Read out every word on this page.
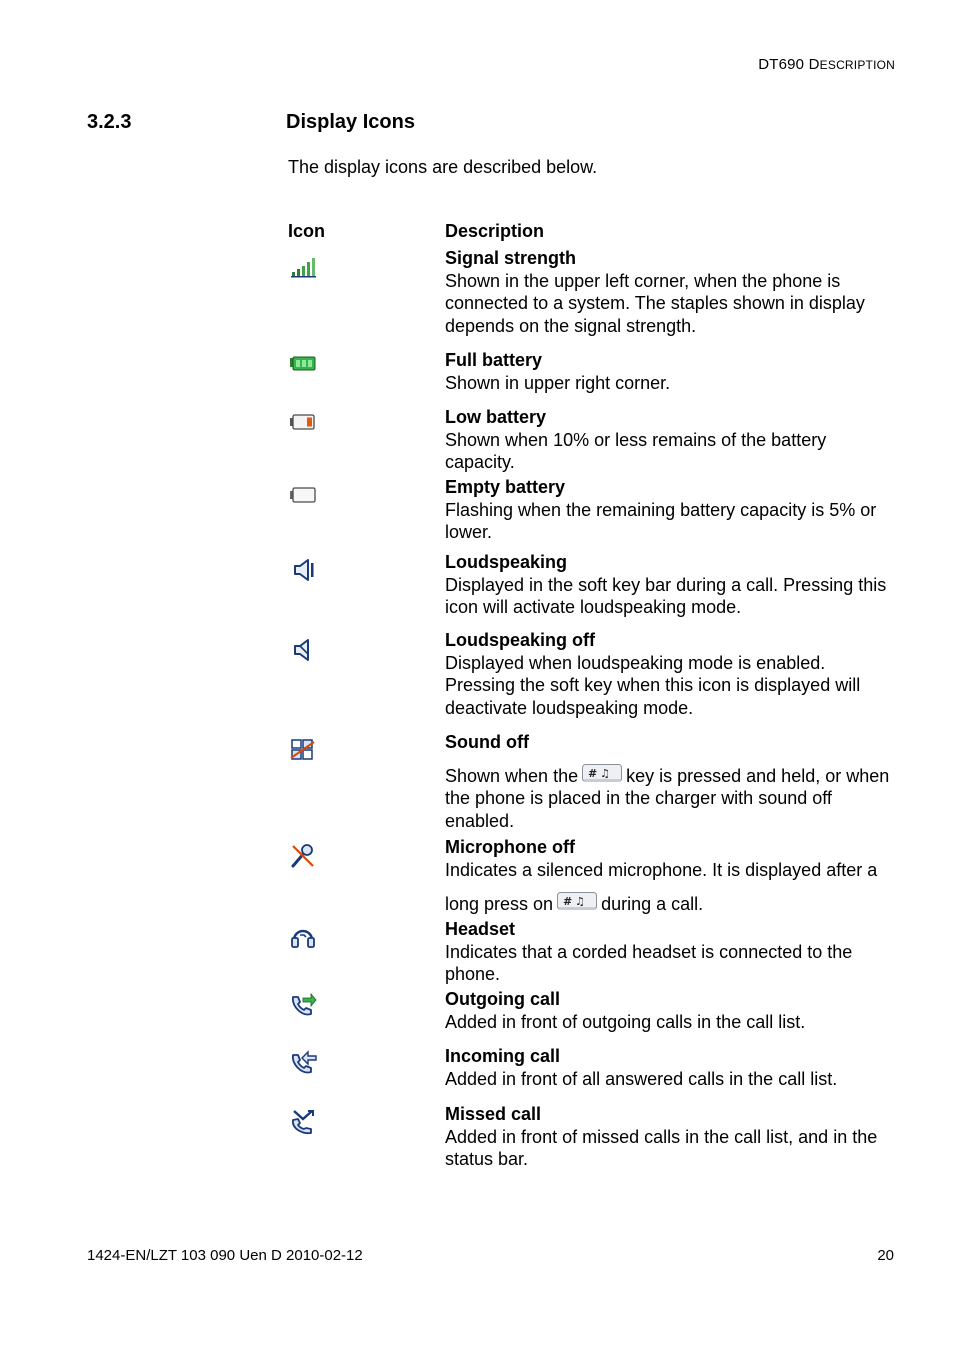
DT690 DESCRIPTION
3.2.3	Display Icons
The display icons are described below.
Icon	Description
Signal strength
Shown in the upper left corner, when the phone is connected to a system. The staples shown in display depends on the signal strength.
Full battery
Shown in upper right corner.
Low battery
Shown when 10% or less remains of the battery capacity.
Empty battery
Flashing when the remaining battery capacity is 5% or lower.
Loudspeaking
Displayed in the soft key bar during a call. Pressing this icon will activate loudspeaking mode.
Loudspeaking off
Displayed when loudspeaking mode is enabled. Pressing the soft key when this icon is displayed will deactivate loudspeaking mode.
Sound off
Shown when the # ♫ key is pressed and held, or when the phone is placed in the charger with sound off enabled.
Microphone off
Indicates a silenced microphone. It is displayed after a long press on # ♫ during a call.
Headset
Indicates that a corded headset is connected to the phone.
Outgoing call
Added in front of outgoing calls in the call list.
Incoming call
Added in front of all answered calls in the call list.
Missed call
Added in front of missed calls in the call list, and in the status bar.
1424-EN/LZT 103 090 Uen D 2010-02-12	20
